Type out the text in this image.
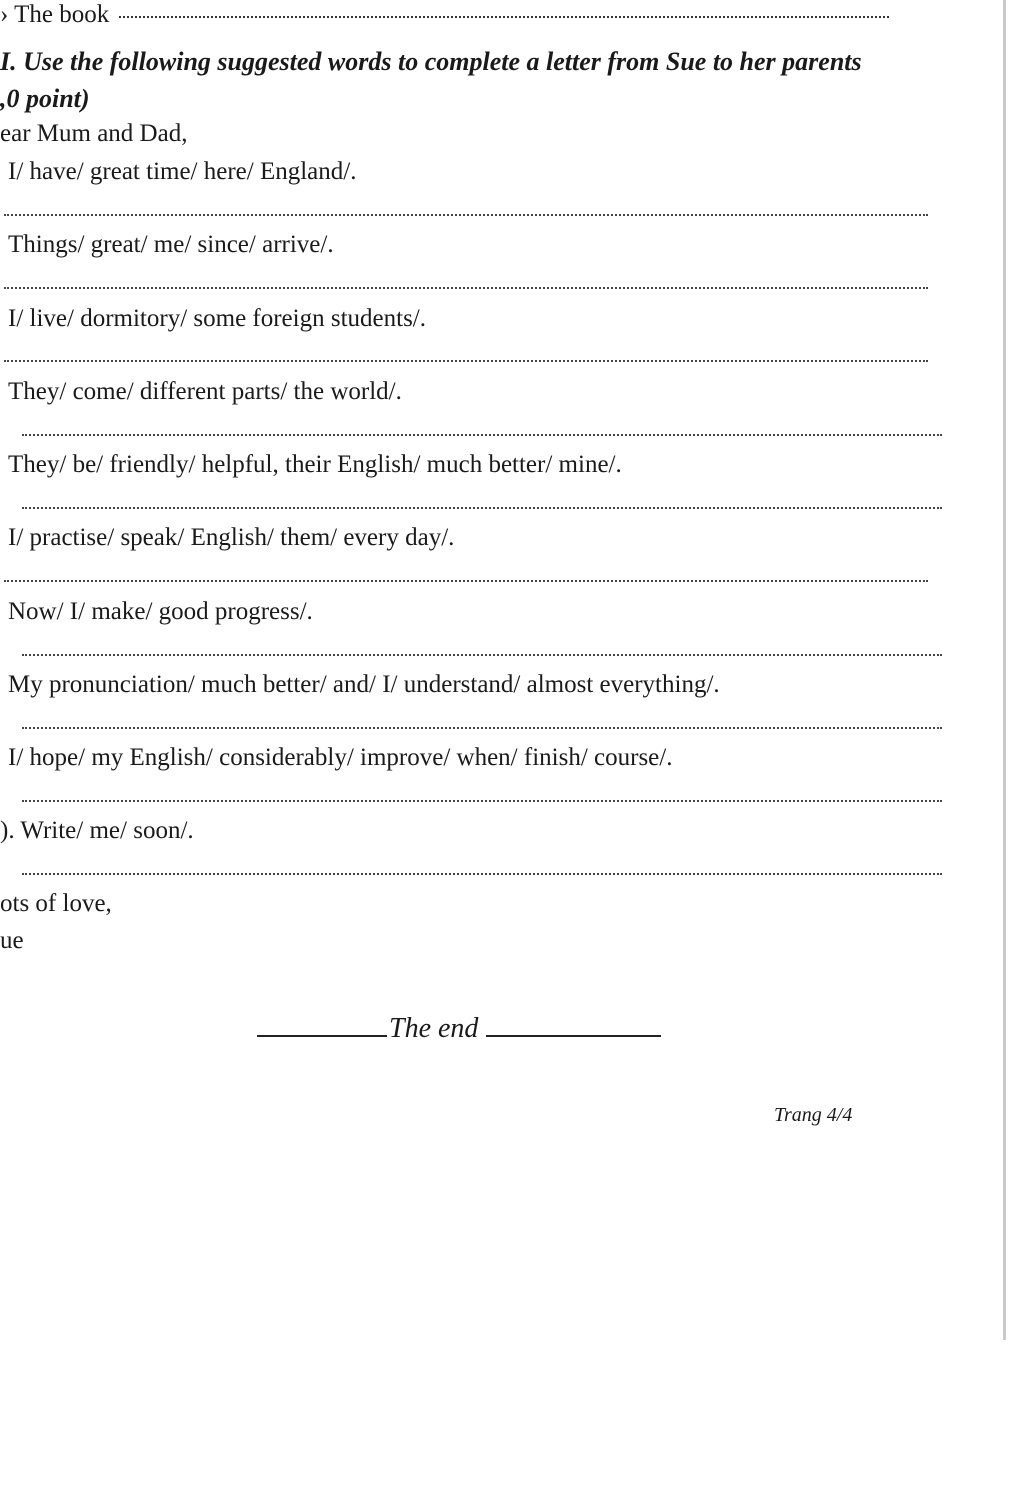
› The book
I. Use the following suggested words to complete a letter from Sue to her parents
,0 point)
ear Mum and Dad,
I/ have/ great time/ here/ England/.
Things/ great/ me/ since/ arrive/.
I/ live/ dormitory/ some foreign students/.
They/ come/ different parts/ the world/.
They/ be/ friendly/ helpful, their English/ much better/ mine/.
I/ practise/ speak/ English/ them/ every day/.
Now/ I/ make/ good progress/.
My pronunciation/ much better/ and/ I/ understand/ almost everything/.
I/ hope/ my English/ considerably/ improve/ when/ finish/ course/.
). Write/ me/ soon/.
ots of love,
ue
The end
Trang 4/4
